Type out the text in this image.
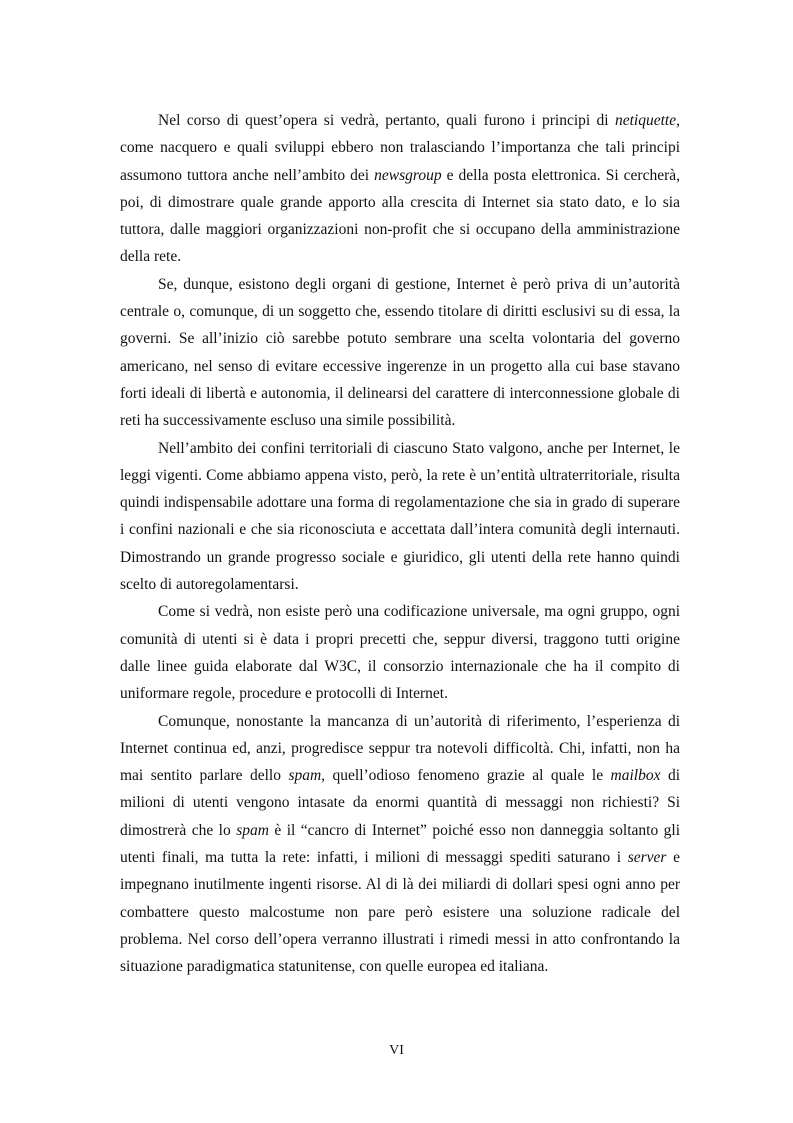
Nel corso di quest’opera si vedrà, pertanto, quali furono i principi di netiquette, come nacquero e quali sviluppi ebbero non tralasciando l’importanza che tali principi assumono tuttora anche nell’ambito dei newsgroup e della posta elettronica. Si cercherà, poi, di dimostrare quale grande apporto alla crescita di Internet sia stato dato, e lo sia tuttora, dalle maggiori organizzazioni non-profit che si occupano della amministrazione della rete.

Se, dunque, esistono degli organi di gestione, Internet è però priva di un’autorità centrale o, comunque, di un soggetto che, essendo titolare di diritti esclusivi su di essa, la governi. Se all’inizio ciò sarebbe potuto sembrare una scelta volontaria del governo americano, nel senso di evitare eccessive ingerenze in un progetto alla cui base stavano forti ideali di libertà e autonomia, il delinearsi del carattere di interconnessione globale di reti ha successivamente escluso una simile possibilità.

Nell’ambito dei confini territoriali di ciascuno Stato valgono, anche per Internet, le leggi vigenti. Come abbiamo appena visto, però, la rete è un’entità ultraterritoriale, risulta quindi indispensabile adottare una forma di regolamentazione che sia in grado di superare i confini nazionali e che sia riconosciuta e accettata dall’intera comunità degli internauti. Dimostrando un grande progresso sociale e giuridico, gli utenti della rete hanno quindi scelto di autoregolamentarsi.

Come si vedrà, non esiste però una codificazione universale, ma ogni gruppo, ogni comunità di utenti si è data i propri precetti che, seppur diversi, traggono tutti origine dalle linee guida elaborate dal W3C, il consorzio internazionale che ha il compito di uniformare regole, procedure e protocolli di Internet.

Comunque, nonostante la mancanza di un’autorità di riferimento, l’esperienza di Internet continua ed, anzi, progredisce seppur tra notevoli difficoltà. Chi, infatti, non ha mai sentito parlare dello spam, quell’odioso fenomeno grazie al quale le mailbox di milioni di utenti vengono intasate da enormi quantità di messaggi non richiesti? Si dimostrerà che lo spam è il “cancro di Internet” poiché esso non danneggia soltanto gli utenti finali, ma tutta la rete: infatti, i milioni di messaggi spediti saturano i server e impegnano inutilmente ingenti risorse. Al di là dei miliardi di dollari spesi ogni anno per combattere questo malcostume non pare però esistere una soluzione radicale del problema. Nel corso dell’opera verranno illustrati i rimedi messi in atto confrontando la situazione paradigmatica statunitense, con quelle europea ed italiana.

VI
